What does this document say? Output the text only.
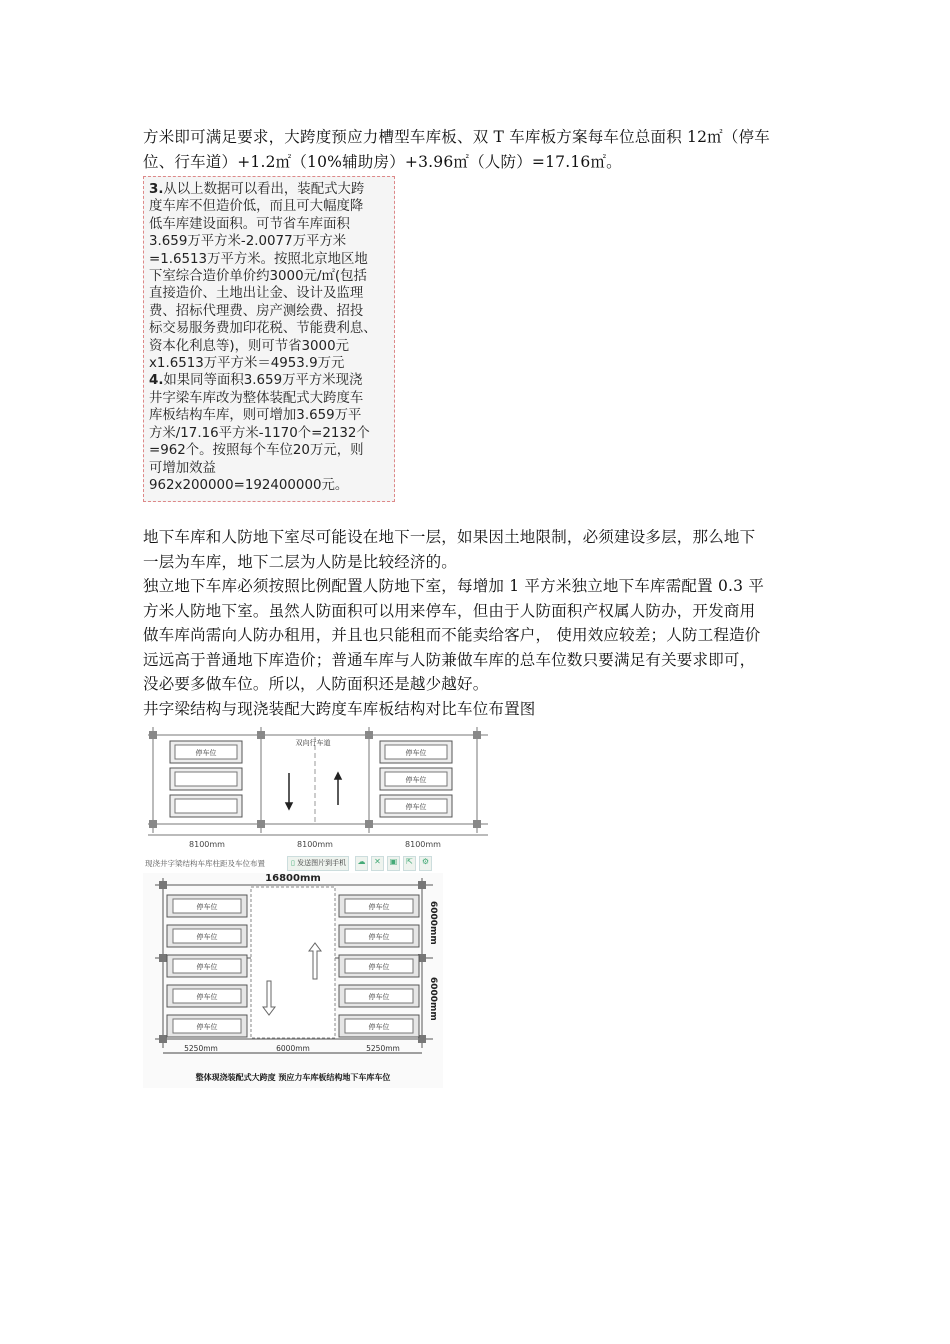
方米即可满足要求，大跨度预应力槽型车库板、双 T 车库板方案每车位总面积 12㎡（停车
位、行车道）+1.2㎡（10%辅助房）+3.96㎡（人防）=17.16㎡。

3.从以上数据可以看出，装配式大跨
度车库不但造价低，而且可大幅度降
低车库建设面积。可节省车库面积
3.659万平方米-2.0077万平方米
=1.6513万平方米。按照北京地区地
下室综合造价单价约3000元/㎡(包括
直接造价、土地出让金、设计及监理
费、招标代理费、房产测绘费、招投
标交易服务费加印花税、节能费利息、
资本化利息等)，则可节省3000元
x1.6513万平方米＝4953.9万元
4.如果同等面积3.659万平方米现浇
井字梁车库改为整体装配式大跨度车
库板结构车库，则可增加3.659万平
方米/17.16平方米-1170个=2132个
=962个。按照每个车位20万元，则
可增加效益
962x200000=192400000元。

地下车库和人防地下室尽可能设在地下一层，如果因土地限制，必须建设多层，那么地下
一层为车库，地下二层为人防是比较经济的。

独立地下车库必须按照比例配置人防地下室，每增加 1 平方米独立地下车库需配置 0.3 平
方米人防地下室。虽然人防面积可以用来停车，但由于人防面积产权属人防办，开发商用
做车库尚需向人防办租用，并且也只能租而不能卖给客户， 使用效应较差；人防工程造价
远远高于普通地下库造价；普通车库与人防兼做车库的总车位数只要满足有关要求即可，
没必要多做车位。所以，人防面积还是越少越好。

井字梁结构与现浇装配大跨度车库板结构对比车位布置图

双向行车道
停车位	停车位
停车位
停车位
8100mm	8100mm	8100mm
现浇井字梁结构车库柱距及车位布置	▯ 发送图片到手机	☁	✕	▣	⇱	⚙
16800mm
停车位
停车位
停车位
停车位
停车位
停车位
停车位
停车位
停车位
停车位
6000mm
6000mm
5250mm	6000mm	5250mm
整体现浇装配式大跨度 预应力车库板结构地下车库车位
